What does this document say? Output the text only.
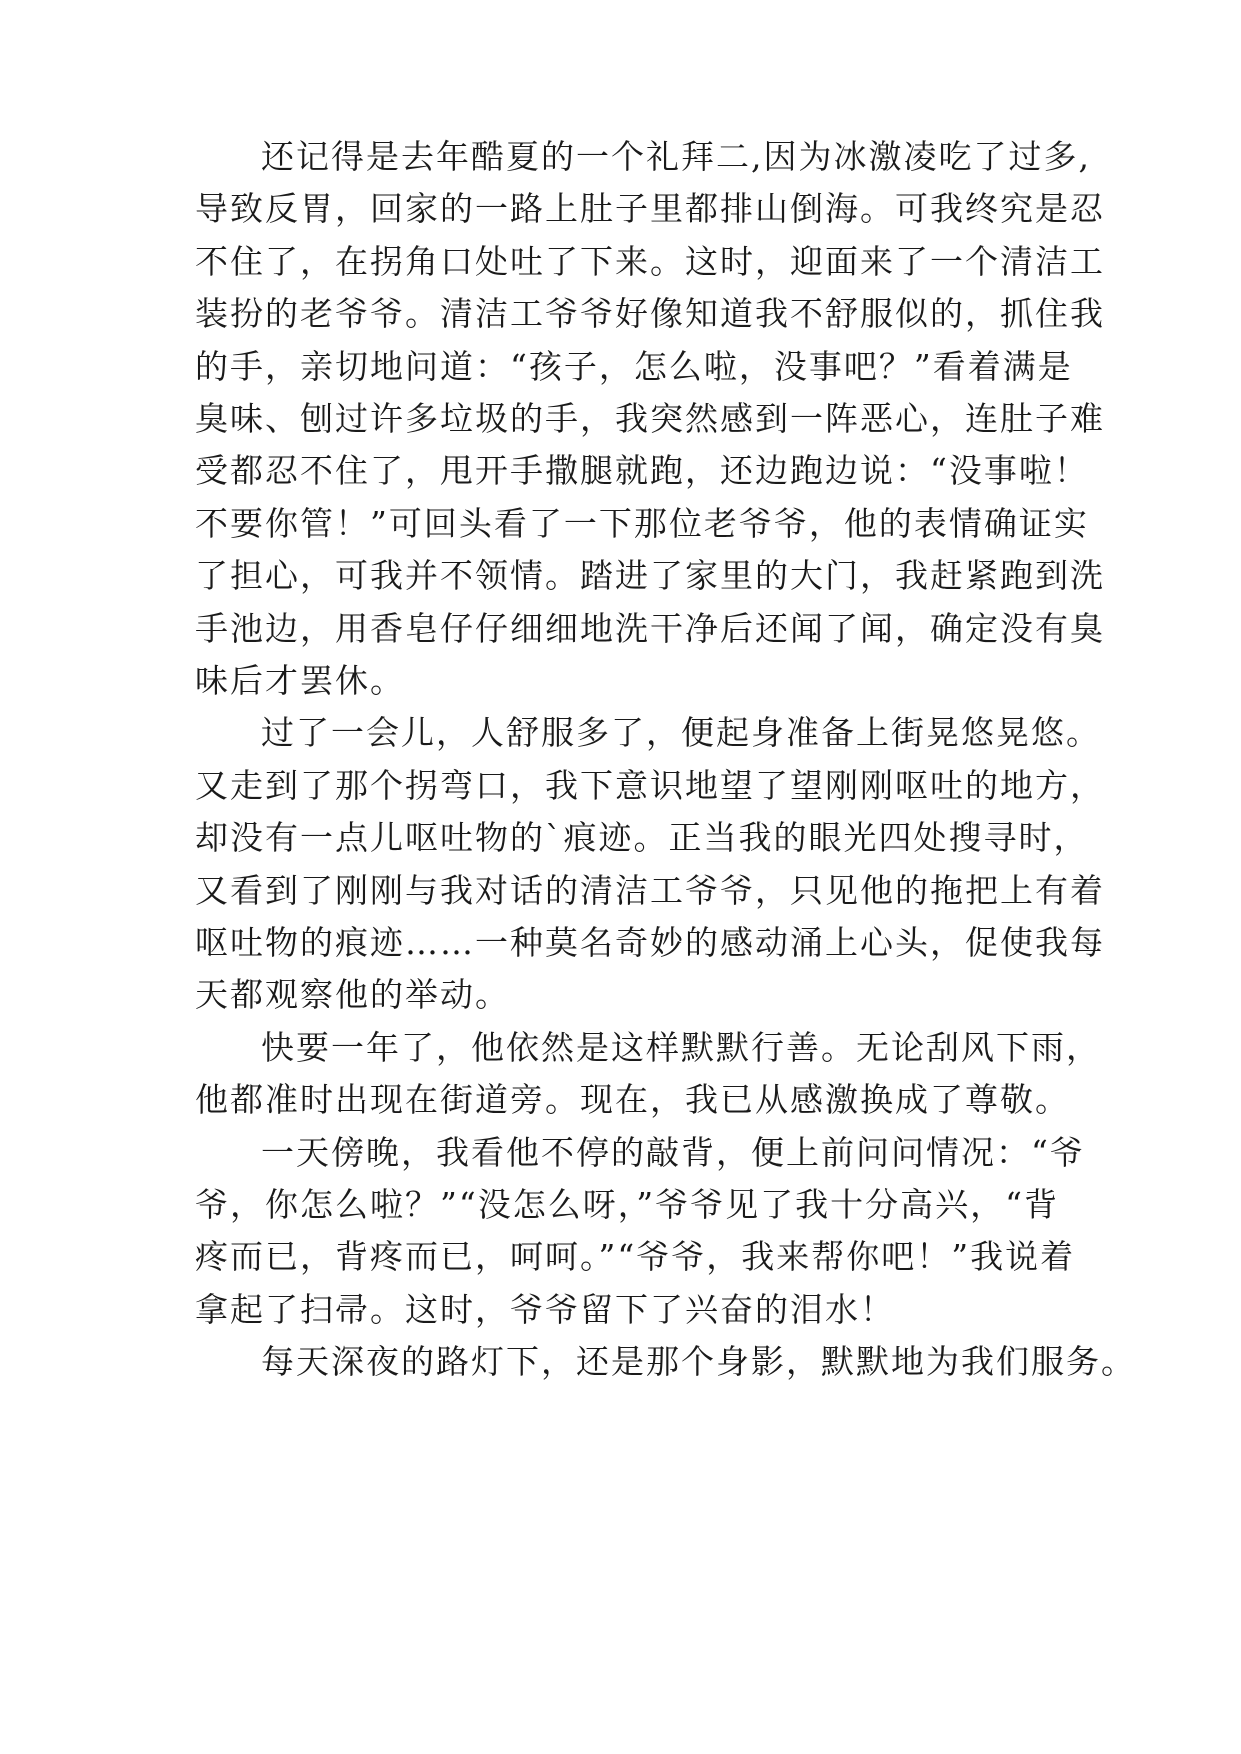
还记得是去年酷夏的一个礼拜二,因为冰激凌吃了过多,
导致反胃，回家的一路上肚子里都排山倒海。可我终究是忍
不住了，在拐角口处吐了下来。这时，迎面来了一个清洁工
装扮的老爷爷。清洁工爷爷好像知道我不舒服似的，抓住我
的手，亲切地问道：“孩子，怎么啦，没事吧？”看着满是
臭味、刨过许多垃圾的手，我突然感到一阵恶心，连肚子难
受都忍不住了，甩开手撒腿就跑，还边跑边说：“没事啦！
不要你管！”可回头看了一下那位老爷爷，他的表情确证实
了担心，可我并不领情。踏进了家里的大门，我赶紧跑到洗
手池边，用香皂仔仔细细地洗干净后还闻了闻，确定没有臭
味后才罢休。
过了一会儿，人舒服多了，便起身准备上街晃悠晃悠。
又走到了那个拐弯口，我下意识地望了望刚刚呕吐的地方，
却没有一点儿呕吐物的`痕迹。正当我的眼光四处搜寻时，
又看到了刚刚与我对话的清洁工爷爷，只见他的拖把上有着
呕吐物的痕迹……一种莫名奇妙的感动涌上心头，促使我每
天都观察他的举动。
快要一年了，他依然是这样默默行善。无论刮风下雨，
他都准时出现在街道旁。现在，我已从感激换成了尊敬。
一天傍晚，我看他不停的敲背，便上前问问情况：“爷
爷，你怎么啦？”“没怎么呀，”爷爷见了我十分高兴，“背
疼而已，背疼而已，呵呵。”“爷爷，我来帮你吧！”我说着
拿起了扫帚。这时，爷爷留下了兴奋的泪水！
每天深夜的路灯下，还是那个身影，默默地为我们服务。
